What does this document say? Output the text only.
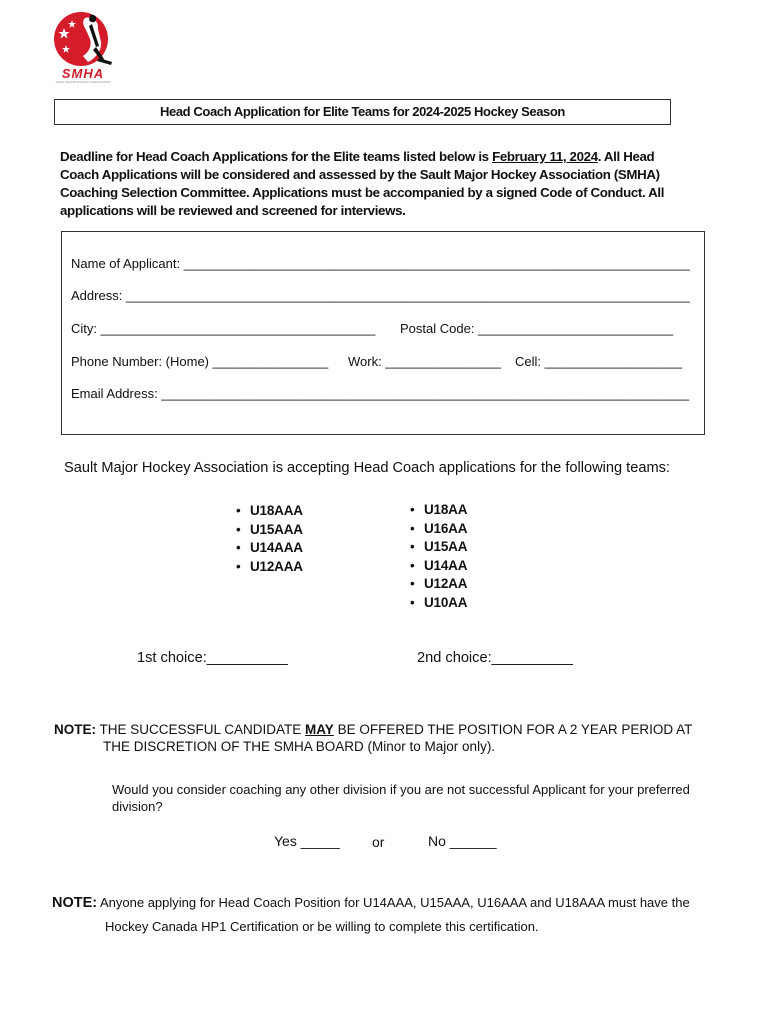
SMHA
SAULT MAJOR HOCKEY ASSOCIATION
Head Coach Application for Elite Teams for 2024-2025 Hockey Season
Deadline for Head Coach Applications for the Elite teams listed below is February 11, 2024. All Head Coach Applications will be considered and assessed by the Sault Major Hockey Association (SMHA) Coaching Selection Committee. Applications must be accompanied by a signed Code of Conduct. All applications will be reviewed and screened for interviews.
Name of Applicant: ______________________________________________________________________
Address: ______________________________________________________________________________
City: ______________________________________ Postal Code: ___________________________
Phone Number: (Home) ________________ Work: ________________ Cell: ___________________
Email Address: _________________________________________________________________________
Sault Major Hockey Association is accepting Head Coach applications for the following teams:
• U18AAA
• U15AAA
• U14AAA
• U12AAA
• U18AA
• U16AA
• U15AA
• U14AA
• U12AA
• U10AA
1st choice:__________	2nd choice:__________
NOTE: THE SUCCESSFUL CANDIDATE MAY BE OFFERED THE POSITION FOR A 2 YEAR PERIOD AT
THE DISCRETION OF THE SMHA BOARD (Minor to Major only).
Would you consider coaching any other division if you are not successful Applicant for your preferred division?
Yes _____ or	No ______
NOTE: Anyone applying for Head Coach Position for U14AAA, U15AAA, U16AAA and U18AAA must have the
Hockey Canada HP1 Certification or be willing to complete this certification.
